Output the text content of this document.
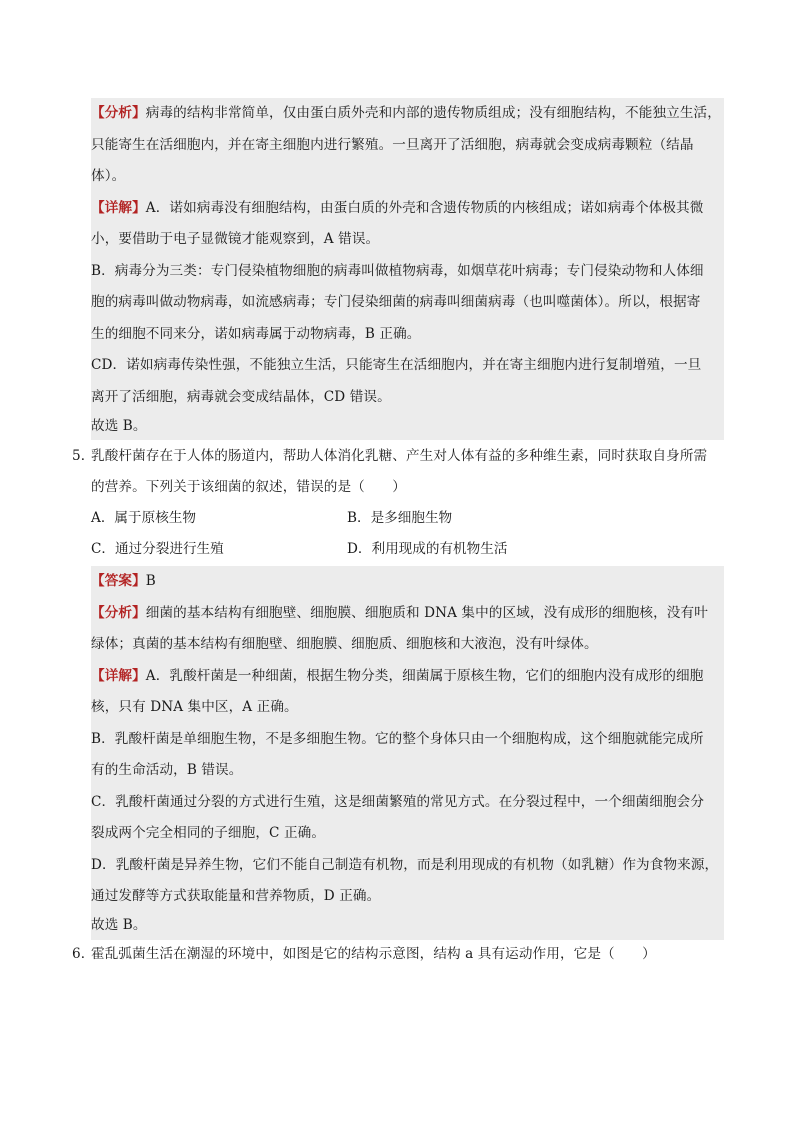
【分析】病毒的结构非常简单，仅由蛋白质外壳和内部的遗传物质组成；没有细胞结构，不能独立生活，
只能寄生在活细胞内，并在寄主细胞内进行繁殖。一旦离开了活细胞，病毒就会变成病毒颗粒（结晶
体）。
【详解】A．诺如病毒没有细胞结构，由蛋白质的外壳和含遗传物质的内核组成；诺如病毒个体极其微
小，要借助于电子显微镜才能观察到，A 错误。
B．病毒分为三类：专门侵染植物细胞的病毒叫做植物病毒，如烟草花叶病毒；专门侵染动物和人体细
胞的病毒叫做动物病毒，如流感病毒；专门侵染细菌的病毒叫细菌病毒（也叫噬菌体）。所以，根据寄
生的细胞不同来分，诺如病毒属于动物病毒，B 正确。
CD．诺如病毒传染性强，不能独立生活，只能寄生在活细胞内，并在寄主细胞内进行复制增殖，一旦
离开了活细胞，病毒就会变成结晶体，CD 错误。
故选 B。
5．
乳酸杆菌存在于人体的肠道内，帮助人体消化乳糖、产生对人体有益的多种维生素，同时获取自身所需
的营养。下列关于该细菌的叙述，错误的是（　　）
A．属于原核生物	B．是多细胞生物
C．通过分裂进行生殖	D．利用现成的有机物生活
【答案】B
【分析】细菌的基本结构有细胞壁、细胞膜、细胞质和 DNA 集中的区域，没有成形的细胞核，没有叶
绿体；真菌的基本结构有细胞壁、细胞膜、细胞质、细胞核和大液泡，没有叶绿体。
【详解】A．乳酸杆菌是一种细菌，根据生物分类，细菌属于原核生物，它们的细胞内没有成形的细胞
核，只有 DNA 集中区，A 正确。
B．乳酸杆菌是单细胞生物，不是多细胞生物。它的整个身体只由一个细胞构成，这个细胞就能完成所
有的生命活动，B 错误。
C．乳酸杆菌通过分裂的方式进行生殖，这是细菌繁殖的常见方式。在分裂过程中，一个细菌细胞会分
裂成两个完全相同的子细胞，C 正确。
D．乳酸杆菌是异养生物，它们不能自己制造有机物，而是利用现成的有机物（如乳糖）作为食物来源，
通过发酵等方式获取能量和营养物质，D 正确。
故选 B。
6．
霍乱弧菌生活在潮湿的环境中，如图是它的结构示意图，结构 a 具有运动作用，它是（　　）
